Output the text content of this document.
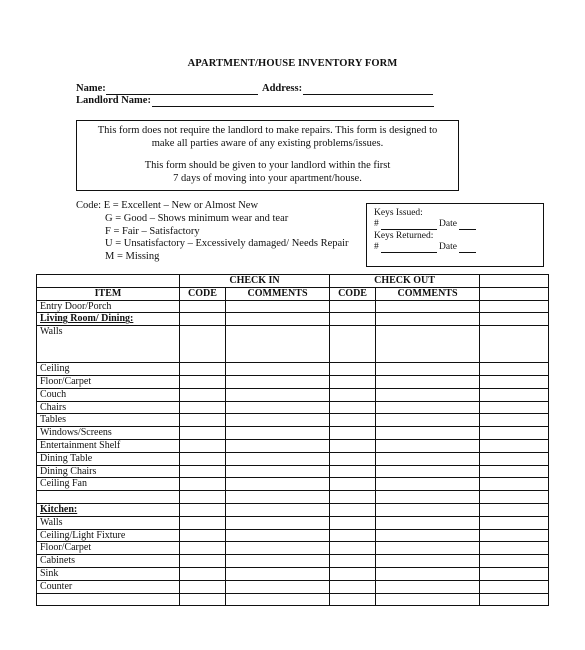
APARTMENT/HOUSE INVENTORY FORM
Name:	Address:
Landlord Name:
This form does not require the landlord to make repairs. This form is designed to
make all parties aware of any existing problems/issues.
This form should be given to your landlord within the first
7 days of moving into your apartment/house.
Code: E = Excellent – New or Almost New
G = Good – Shows minimum wear and tear
F = Fair – Satisfactory
U = Unsatisfactory – Excessively damaged/ Needs Repair
M = Missing
Keys Issued:
#	Date
Keys Returned:
#	Date
	CHECK IN		CHECK OUT		
ITEM	CODE	COMMENTS	CODE	COMMENTS	
Entry Door/Porch					
Living Room/ Dining:					
Walls					
Ceiling					
Floor/Carpet					
Couch					
Chairs					
Tables					
Windows/Screens					
Entertainment Shelf					
Dining Table					
Dining Chairs					
Ceiling Fan					

Kitchen:					
Walls					
Ceiling/Light Fixture					
Floor/Carpet					
Cabinets					
Sink					
Counter					
